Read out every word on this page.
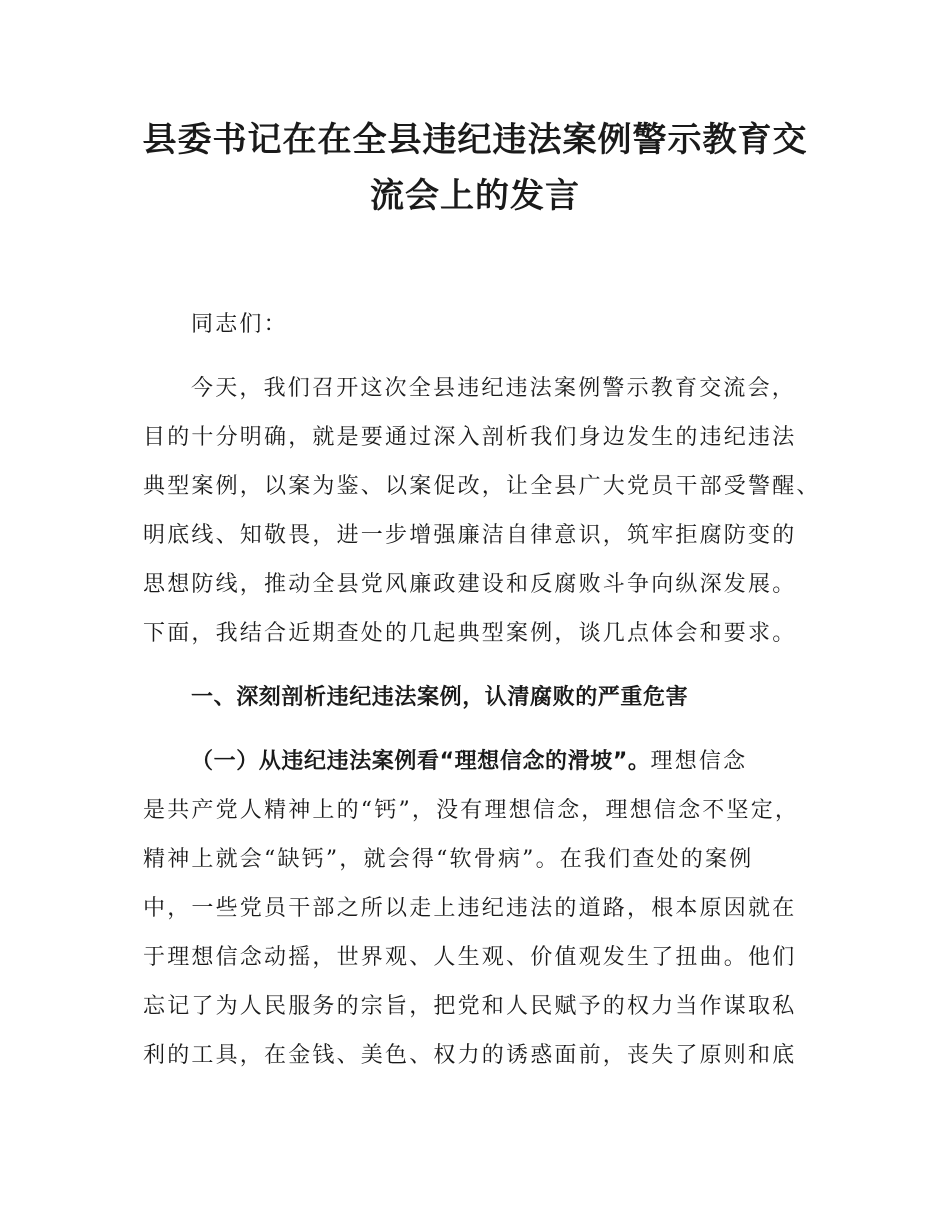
县委书记在在全县违纪违法案例警示教育交
流会上的发言
同志们：
今天，我们召开这次全县违纪违法案例警示教育交流会，
目的十分明确，就是要通过深入剖析我们身边发生的违纪违法
典型案例，以案为鉴、以案促改，让全县广大党员干部受警醒、
明底线、知敬畏，进一步增强廉洁自律意识，筑牢拒腐防变的
思想防线，推动全县党风廉政建设和反腐败斗争向纵深发展。
下面，我结合近期查处的几起典型案例，谈几点体会和要求。
一、深刻剖析违纪违法案例，认清腐败的严重危害
（一）从违纪违法案例看“理想信念的滑坡”。理想信念
是共产党人精神上的“钙”，没有理想信念，理想信念不坚定，
精神上就会“缺钙”，就会得“软骨病”。在我们查处的案例
中，一些党员干部之所以走上违纪违法的道路，根本原因就在
于理想信念动摇，世界观、人生观、价值观发生了扭曲。他们
忘记了为人民服务的宗旨，把党和人民赋予的权力当作谋取私
利的工具，在金钱、美色、权力的诱惑面前，丧失了原则和底
